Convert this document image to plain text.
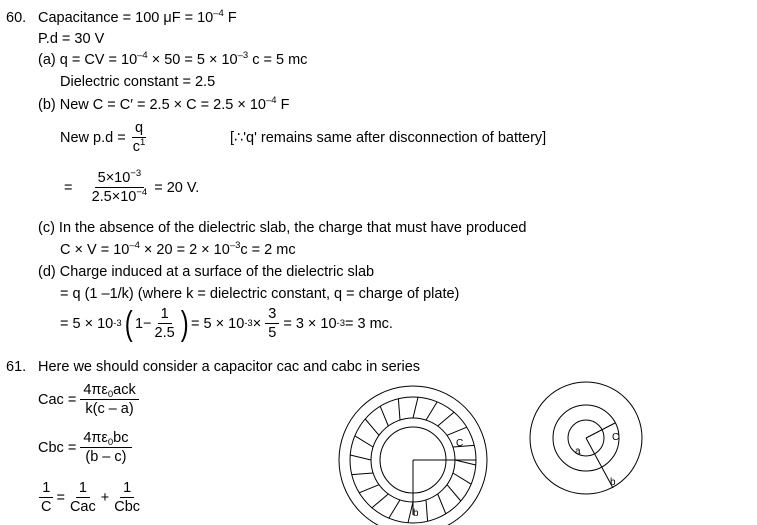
60. Capacitance = 100 $\mu F = 10^{-4}$ F
P.d = 30 V
(a) q = CV = $10^{-4} \times 50 = 5 \times 10^{-3}$ c = 5 mc
Dielectric constant = 2.5
(b) New $C = C' = 2.5 \times C = 2.5 \times 10^{-4}$ F
New p.d =
$\frac{q}{c^1}$	[∴'q' remains same after disconnection of battery]
=
$\frac{5\times 10^{-3}}{2.5\times 10^{-4}}$
= 20 V.
(c) In the absence of the dielectric slab, the charge that must have produced
$C \times V = 10^{-4} \times 20 = 2 \times 10^{-3}c = 2$ mc
(d) Charge induced at a surface of the dielectric slab
= q (1 –1/k) (where k = dielectric constant, q = charge of plate)
= 5 × 10 -3 ( $1- \frac{1}{2.5}$ ) = 5 × 10 -3 ×
$\frac{3}{5}$
= 3 × 10 -3 = 3 mc.
61. Here we should consider a capacitor cac and cabc in series
Cac =
$\frac{4\pi\varepsilon_0ack}{k(c - a)}$
Cbc =
$\frac{4\pi\varepsilon_0bc}{(b - c)}$
$\frac{1}{C} = \frac{1}{\text{Cac}} + \frac{1}{\text{Cbc}}$
C
b
a
C
b
